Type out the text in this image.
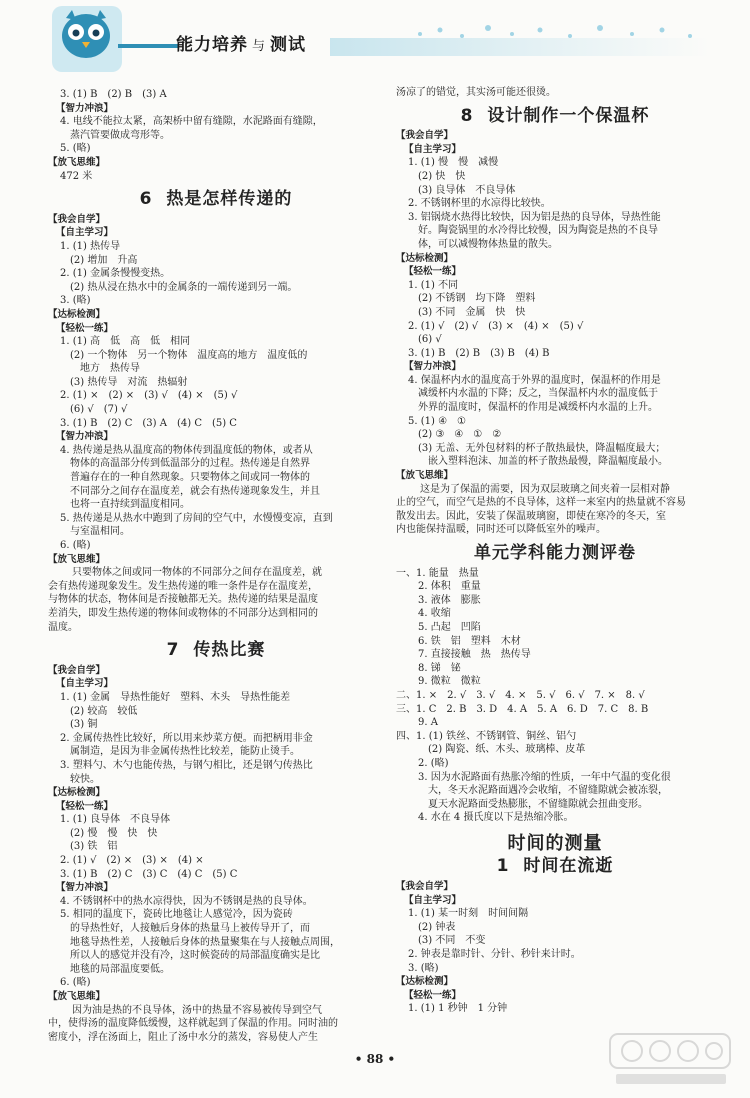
能力培养 与 测试
3. (1) B　(2) B　(3) A
【智力冲浪】
4. 电线不能拉太紧，高架桥中留有缝隙，水泥路面有缝隙，
蒸汽管要做成弯形等。
5. (略)
【放飞思维】
472 米
6 热是怎样传递的
【我会自学】
【自主学习】
1. (1) 热传导
(2) 增加　升高
2. (1) 金属条慢慢变热。
(2) 热从浸在热水中的金属条的一端传递到另一端。
3. (略)
【达标检测】
【轻松一练】
1. (1) 高　低　高　低　相同
(2) 一个物体　另一个物体　温度高的地方　温度低的
地方　热传导
(3) 热传导　对流　热辐射
2. (1) ×　(2) ×　(3) √　(4) ×　(5) √
(6) √　(7) √
3. (1) B　(2) C　(3) A　(4) C　(5) C
【智力冲浪】
4. 热传递是热从温度高的物体传到温度低的物体，或者从
物体的高温部分传到低温部分的过程。热传递是自然界
普遍存在的一种自然现象。只要物体之间或同一物体的
不同部分之间存在温度差，就会有热传递现象发生，并且
也将一直持续到温度相同。
5. 热传递是从热水中跑到了房间的空气中，水慢慢变凉，直到
与室温相同。
6. (略)
【放飞思维】
只要物体之间或同一物体的不同部分之间存在温度差，就
会有热传递现象发生。发生热传递的唯一条件是存在温度差，
与物体的状态，物体间是否接触都无关。热传递的结果是温度
差消失，即发生热传递的物体间或物体的不同部分达到相同的
温度。
7 传热比赛
【我会自学】
【自主学习】
1. (1) 金属　导热性能好　塑料、木头　导热性能差
(2) 较高　较低
(3) 铜
2. 金属传热性比较好，所以用来炒菜方便。而把柄用非金
属制造，是因为非金属传热性比较差，能防止烫手。
3. 塑料勺、木勺也能传热，与钢勺相比，还是钢勺传热比
较快。
【达标检测】
【轻松一练】
1. (1) 良导体　不良导体
(2) 慢　慢　快　快
(3) 铁　铝
2. (1) √　(2) ×　(3) ×　(4) ×
3. (1) B　(2) C　(3) C　(4) C　(5) C
【智力冲浪】
4. 不锈钢杯中的热水凉得快，因为不锈钢是热的良导体。
5. 相同的温度下，瓷砖比地毯让人感觉冷，因为瓷砖
的导热性好，人接触后身体的热量马上被传导开了，而
地毯导热性差，人接触后身体的热量聚集在与人接触点周围，
所以人的感觉并没有冷，这时候瓷砖的局部温度确实是比
地毯的局部温度要低。
6. (略)
【放飞思维】
因为油是热的不良导体，汤中的热量不容易被传导到空气
中，使得汤的温度降低缓慢，这样就起到了保温的作用。同时油的
密度小，浮在汤面上，阻止了汤中水分的蒸发，容易使人产生
汤凉了的错觉，其实汤可能还很烫。
8 设计制作一个保温杯
【我会自学】
【自主学习】
1. (1) 慢　慢　减慢
(2) 快　快
(3) 良导体　不良导体
2. 不锈钢杯里的水凉得比较快。
3. 铝锅烧水热得比较快，因为铝是热的良导体，导热性能
好。陶瓷锅里的水冷得比较慢，因为陶瓷是热的不良导
体，可以减慢物体热量的散失。
【达标检测】
【轻松一练】
1. (1) 不同
(2) 不锈钢　均下降　塑料
(3) 不同　金属　快　快
2. (1) √　(2) √　(3) ×　(4) ×　(5) √
(6) √
3. (1) B　(2) B　(3) B　(4) B
【智力冲浪】
4. 保温杯内水的温度高于外界的温度时，保温杯的作用是
减缓杯内水温的下降；反之，当保温杯内水的温度低于
外界的温度时，保温杯的作用是减缓杯内水温的上升。
5. (1) ④　①
(2) ③　④　①　②
(3) 无盖、无外包材料的杯子散热最快，降温幅度最大；
嵌入塑料泡沫、加盖的杯子散热最慢，降温幅度最小。
【放飞思维】
这是为了保温的需要，因为双层玻璃之间夹着一层相对静
止的空气，而空气是热的不良导体，这样一来室内的热量就不容易
散发出去。因此，安装了保温玻璃窗，即使在寒冷的冬天，室
内也能保持温暖，同时还可以降低室外的噪声。
单元学科能力测评卷
一、1. 能量　热量
2. 体积　重量
3. 液体　膨胀
4. 收缩
5. 凸起　凹陷
6. 铁　铝　塑料　木材
7. 直接接触　热　热传导
8. 锑　铋
9. 微粒　微粒
二、1. ×　2. √　3. √　4. ×　5. √　6. √　7. ×　8. √
三、1. C　2. B　3. D　4. A　5. A　6. D　7. C　8. B
9. A
四、1. (1) 铁丝、不锈钢管、铜丝、铝勺
(2) 陶瓷、纸、木头、玻璃棒、皮革
2. (略)
3. 因为水泥路面有热胀冷缩的性质，一年中气温的变化很
大，冬天水泥路面遇冷会收缩，不留缝隙就会被冻裂，
夏天水泥路面受热膨胀，不留缝隙就会扭曲变形。
4. 水在 4 摄氏度以下是热缩冷胀。
时间的测量
1 时间在流逝
【我会自学】
【自主学习】
1. (1) 某一时刻　时间间隔
(2) 钟表
(3) 不同　不变
2. 钟表是靠时针、分针、秒针来计时。
3. (略)
【达标检测】
【轻松一练】
1. (1) 1 秒钟　1 分钟
• 88 •
